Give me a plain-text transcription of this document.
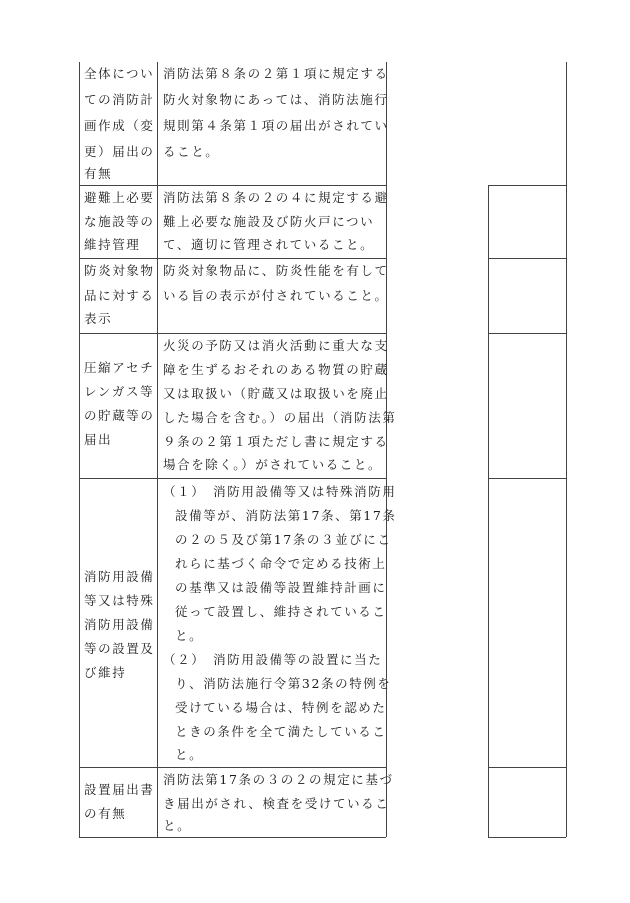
全体につい
ての消防計
画作成（変
更）届出の
有無
消防法第８条の２第１項に規定する
防火対象物にあっては、消防法施行
規則第４条第１項の届出がされてい
ること。
避難上必要
な施設等の
維持管理
消防法第８条の２の４に規定する避
難上必要な施設及び防火戸につい
て、適切に管理されていること。
防炎対象物
品に対する
表示
防炎対象物品に、防炎性能を有して
いる旨の表示が付されていること。
圧縮アセチ
レンガス等
の貯蔵等の
届出
火災の予防又は消火活動に重大な支
障を生ずるおそれのある物質の貯蔵
又は取扱い（貯蔵又は取扱いを廃止
した場合を含む。）の届出（消防法第
９条の２第１項ただし書に規定する
場合を除く。）がされていること。
消防用設備
等又は特殊
消防用設備
等の設置及
び維持
（１）　消防用設備等又は特殊消防用
設備等が、消防法第17条、第17条
の２の５及び第17条の３並びにこ
れらに基づく命令で定める技術上
の基準又は設備等設置維持計画に
従って設置し、維持されているこ
と。
（２）　消防用設備等の設置に当た
り、消防法施行令第32条の特例を
受けている場合は、特例を認めた
ときの条件を全て満たしているこ
と。
設置届出書
の有無
消防法第17条の３の２の規定に基づ
き届出がされ、検査を受けているこ
と。
